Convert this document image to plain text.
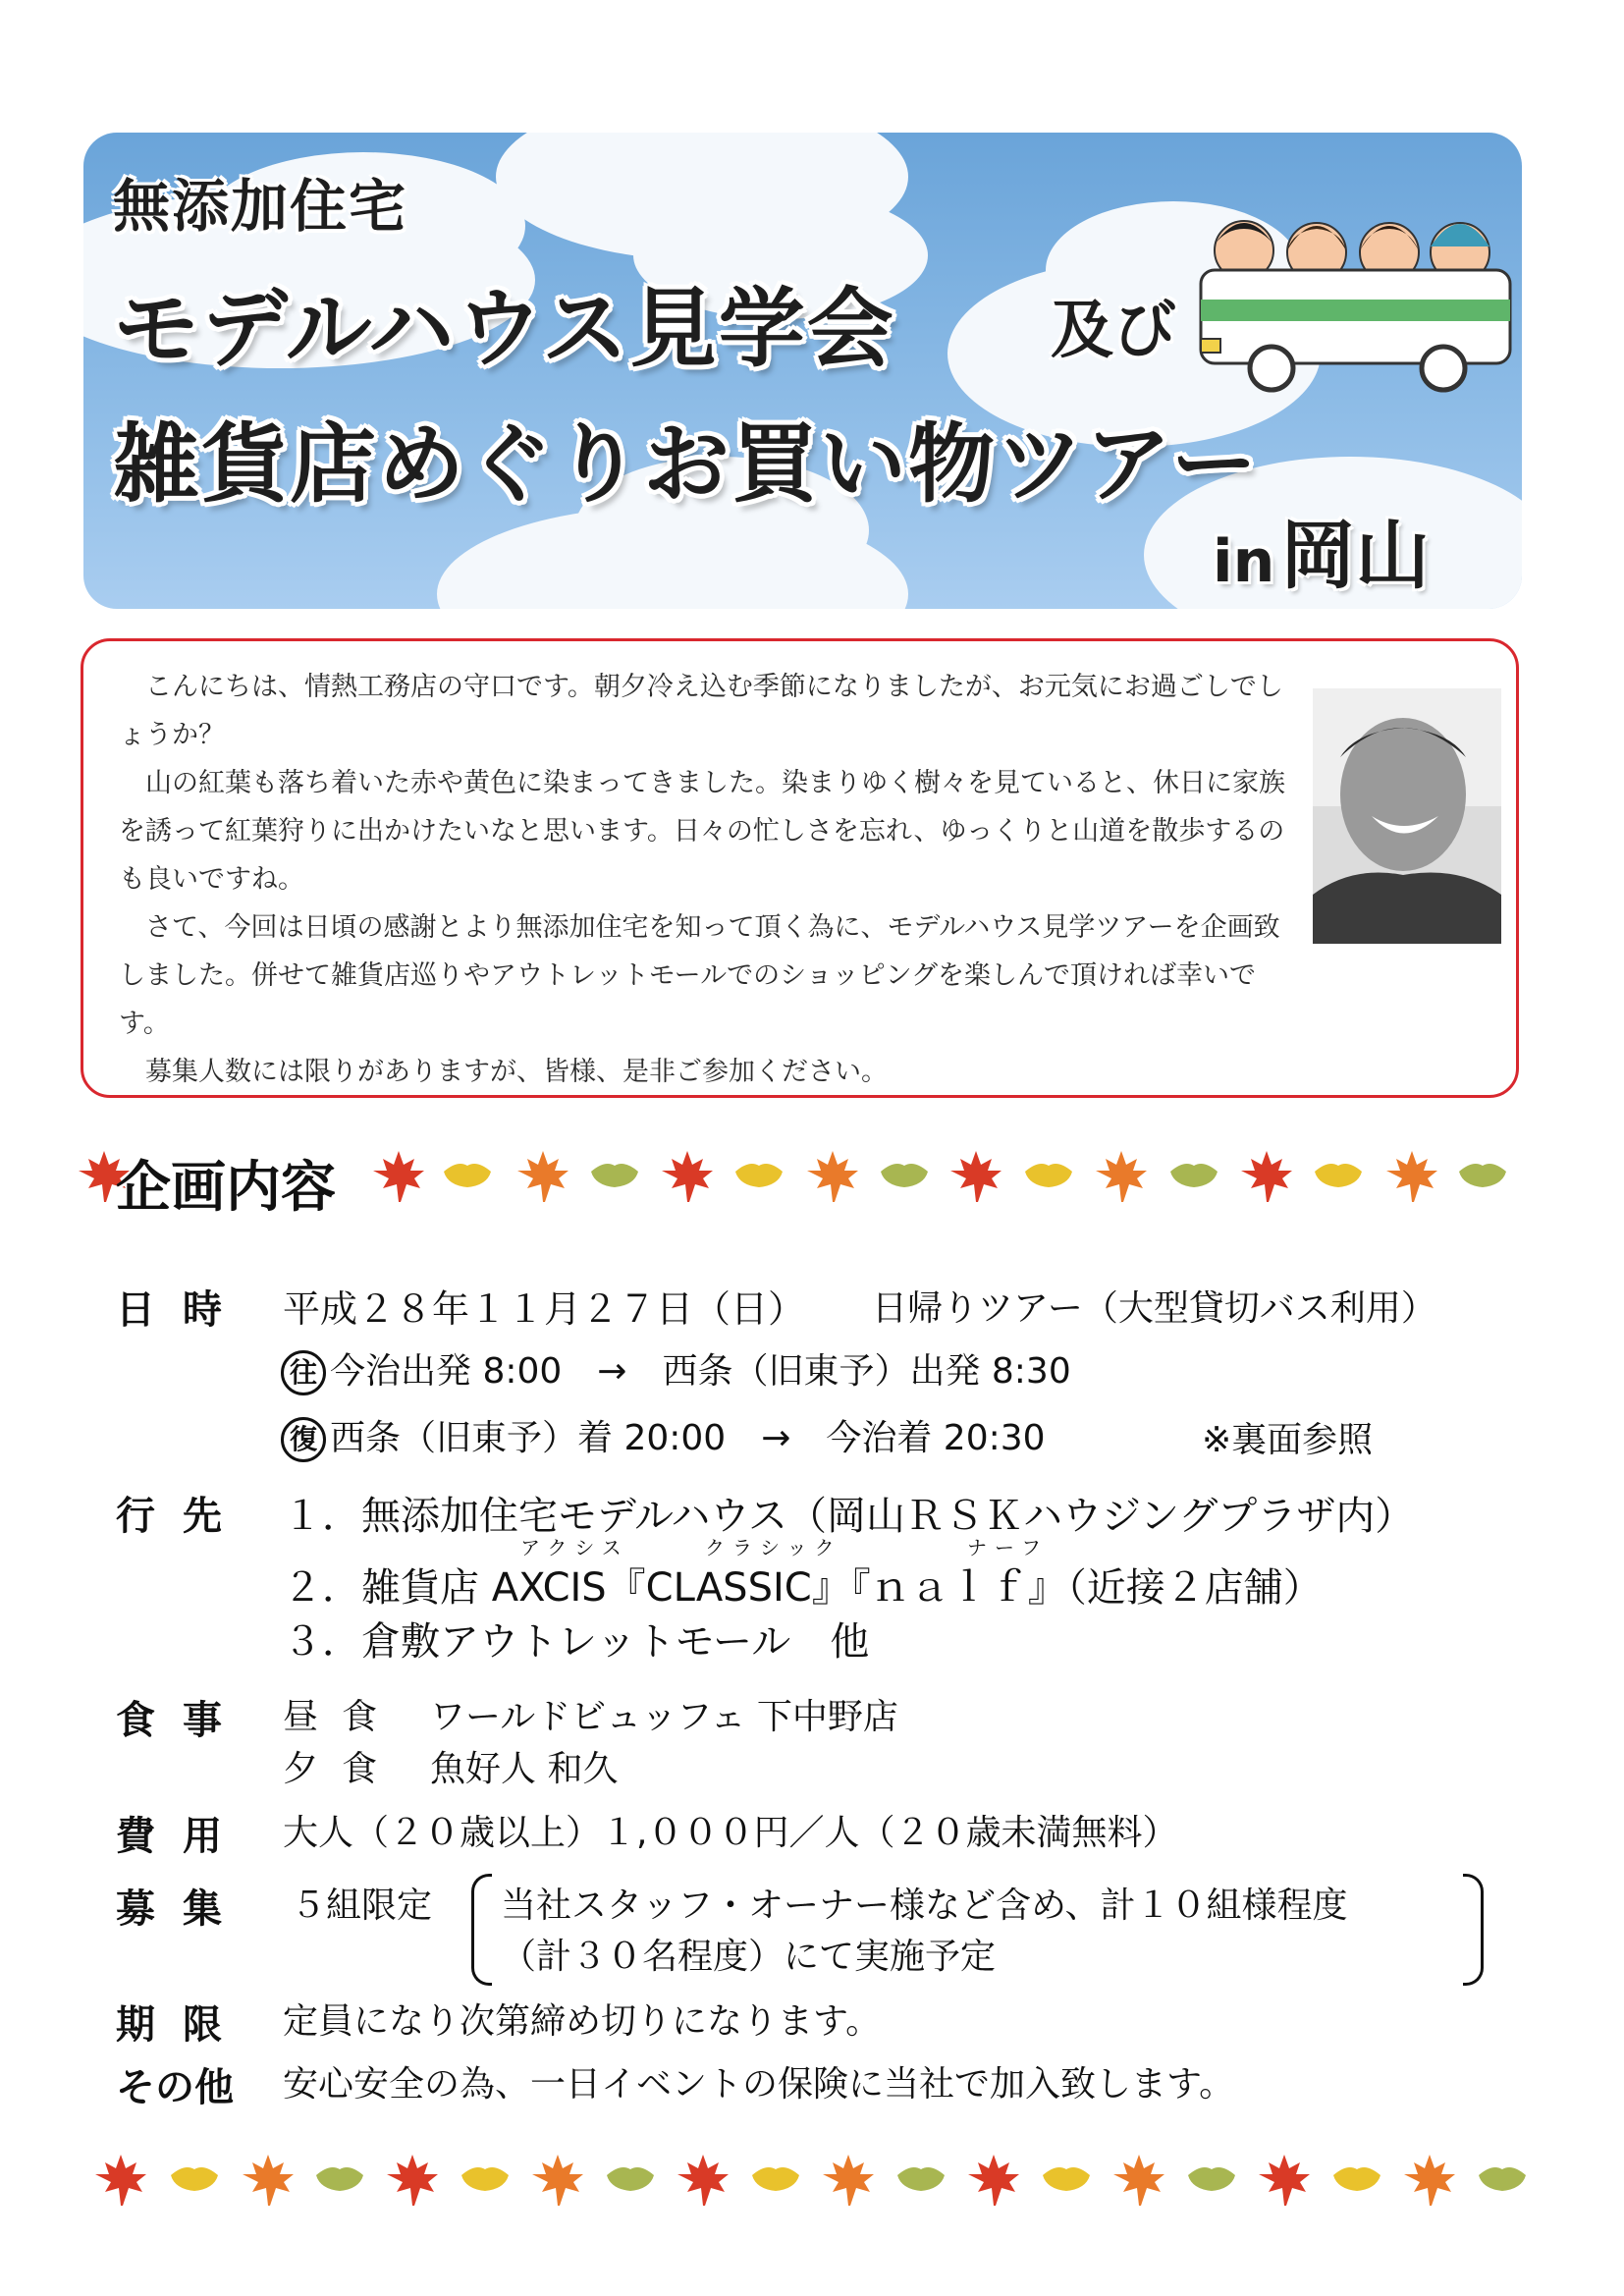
無添加住宅
モデルハウス見学会 及び
雑貨店めぐりお買い物ツアー
in岡山

こんにちは、情熱工務店の守口です。朝夕冷え込む季節になりましたが、お元気にお過ごしでしょうか？

山の紅葉も落ち着いた赤や黄色に染まってきました。染まりゆく樹々を見ていると、休日に家族を誘って紅葉狩りに出かけたいなと思います。日々の忙しさを忘れ、ゆっくりと山道を散歩するのも良いですね。

さて、今回は日頃の感謝とより無添加住宅を知って頂く為に、モデルハウス見学ツアーを企画致しました。併せて雑貨店巡りやアウトレットモールでのショッピングを楽しんで頂ければ幸いです。

募集人数には限りがありますが、皆様、是非ご参加ください。

企画内容
日時 平成２８年１１月２７日（日） 日帰りツアー（大型貸切バス利用）
往 今治出発 8:00　→　西条（旧東予）出発 8:30
復 西条（旧東予）着 20:00　→　今治着 20:30	※裏面参照
行先 １．無添加住宅モデルハウス（岡山ＲＳＫハウジングプラザ内）
アクシス	クラシック	ナーフ
２．雑貨店 AXCIS『CLASSIC』『ｎａｌｆ』（近接２店舗）
３．倉敷アウトレットモール　他
食事 昼食 ワールドビュッフェ 下中野店
夕食 魚好人 和久
費用 大人（２０歳以上）１,０００円／人（２０歳未満無料）
募集 ５組限定 当社スタッフ・オーナー様など含め、計１０組様程度
（計３０名程度）にて実施予定
期限 定員になり次第締め切りになります。
その他 安心安全の為、一日イベントの保険に当社で加入致します。
